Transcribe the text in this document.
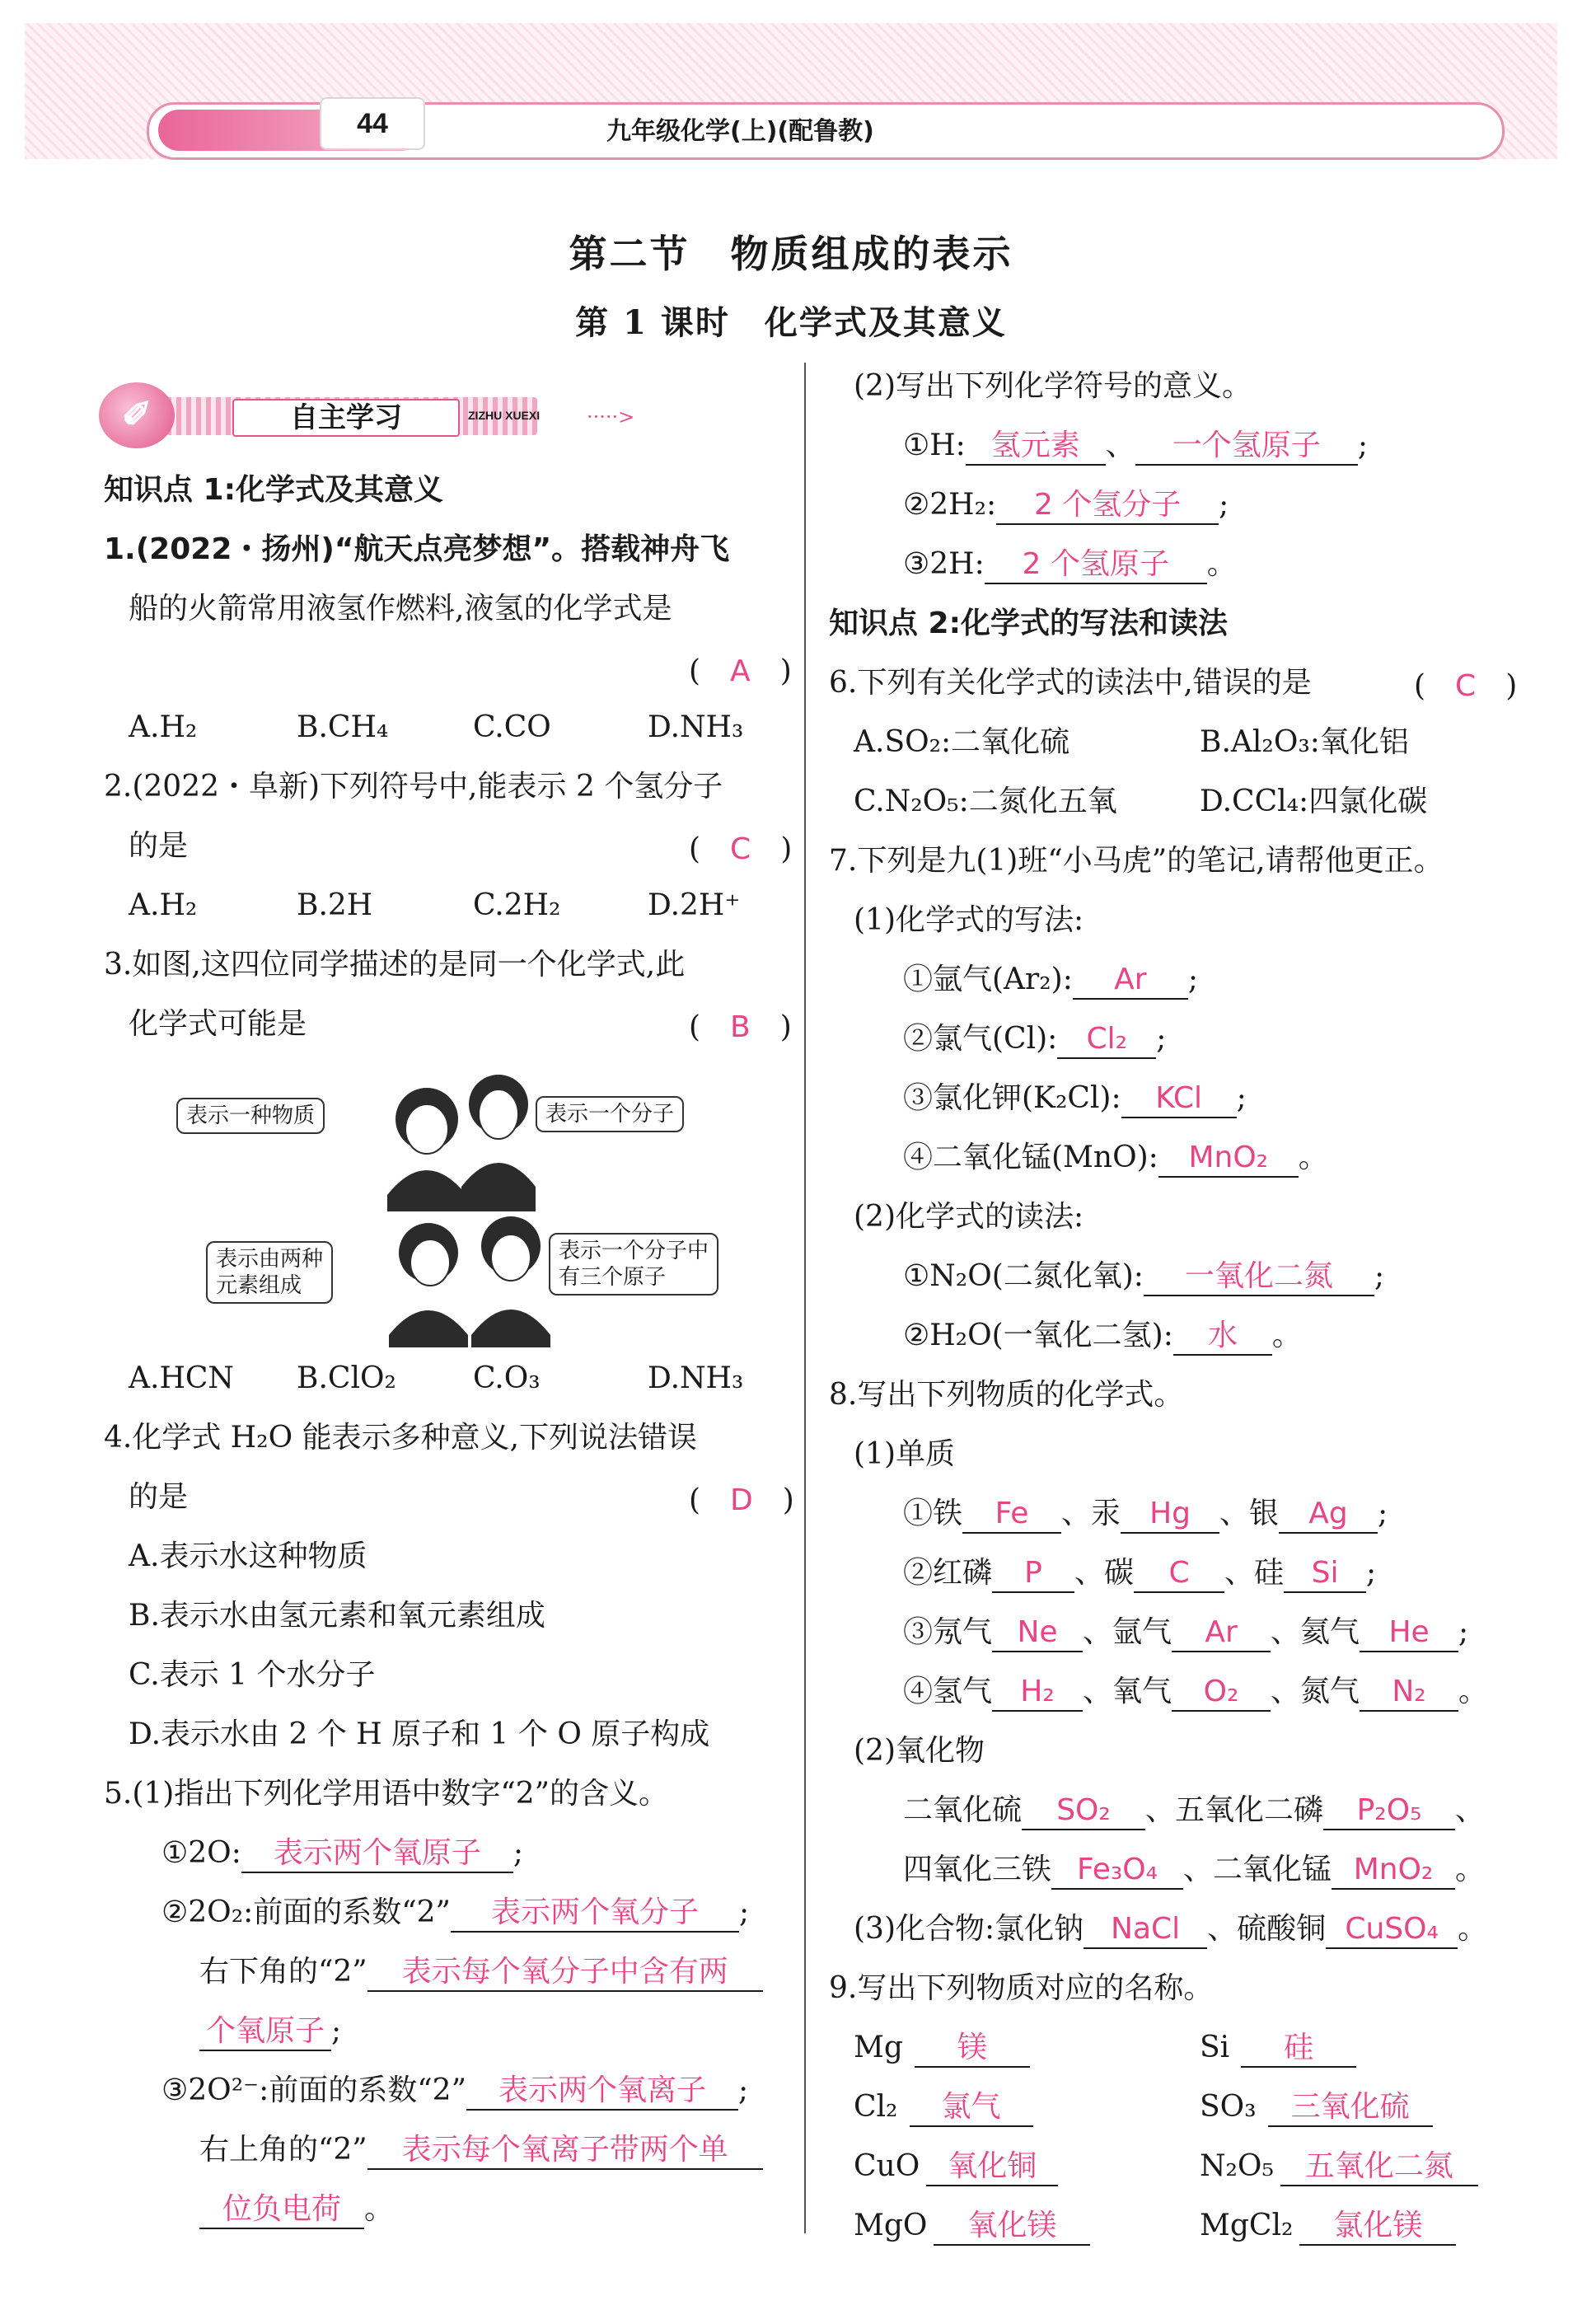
44	九年级化学(上)(配鲁教)
第二节　物质组成的表示
第 1 课时　化学式及其意义
✐	自主学习	ZIZHU XUEXI ·····>
知识点 1:化学式及其意义
1.(2022・扬州)“航天点亮梦想”。搭载神舟飞
船的火箭常用液氢作燃料,液氢的化学式是
(　A　)
A.H₂	B.CH₄	C.CO	D.NH₃
2.(2022・阜新)下列符号中,能表示 2 个氢分子
的是	(　C　)
A.H₂	B.2H	C.2H₂	D.2H⁺
3.如图,这四位同学描述的是同一个化学式,此
化学式可能是	(　B　)
表示一种物质	表示一个分子
表示由两种
元素组成
表示一个分子中
有三个原子
A.HCN B.ClO₂	C.O₃	D.NH₃
4.化学式 H₂O 能表示多种意义,下列说法错误
的是	(　D　)
A.表示水这种物质
B.表示水由氢元素和氧元素组成
C.表示 1 个水分子
D.表示水由 2 个 H 原子和 1 个 O 原子构成
5.(1)指出下列化学用语中数字“2”的含义。
①2O: 表示两个氧原子 ;
②2O₂:前面的系数“2” 表示两个氧分子 ;
右下角的“2” 表示每个氧分子中含有两
个氧原子 ;
③2O²⁻:前面的系数“2” 表示两个氧离子 ;
右上角的“2” 表示每个氧离子带两个单
位负电荷 。
(2)写出下列化学符号的意义。
①H: 氢元素 、 一个氢原子 ;
②2H₂: 2 个氢分子 ;
③2H: 2 个氢原子 。
知识点 2:化学式的写法和读法
6.下列有关化学式的读法中,错误的是	(　C　)
A.SO₂:二氧化硫	B.Al₂O₃:氧化铝
C.N₂O₅:二氮化五氧	D.CCl₄:四氯化碳
7.下列是九(1)班“小马虎”的笔记,请帮他更正。
(1)化学式的写法:
①氩气(Ar₂): Ar ;
②氯气(Cl): Cl₂ ;
③氯化钾(K₂Cl): KCl ;
④二氧化锰(MnO): MnO₂ 。
(2)化学式的读法:
①N₂O(二氮化氧): 一氧化二氮 ;
②H₂O(一氧化二氢): 水 。
8.写出下列物质的化学式。
(1)单质
①铁 Fe 、汞 Hg 、银 Ag ;
②红磷 P 、碳 C 、硅 Si ;
③氖气 Ne 、氩气 Ar 、氦气 He ;
④氢气 H₂ 、氧气 O₂ 、氮气 N₂ 。
(2)氧化物
二氧化硫 SO₂ 、五氧化二磷 P₂O₅ 、
四氧化三铁 Fe₃O₄ 、二氧化锰 MnO₂ 。
(3)化合物:氯化钠 NaCl 、硫酸铜 CuSO₄ 。
9.写出下列物质对应的名称。
Mg 镁	Si 硅
Cl₂ 氯气	SO₃ 三氧化硫
CuO 氧化铜	N₂O₅ 五氧化二氮
MgO 氧化镁	MgCl₂ 氯化镁
